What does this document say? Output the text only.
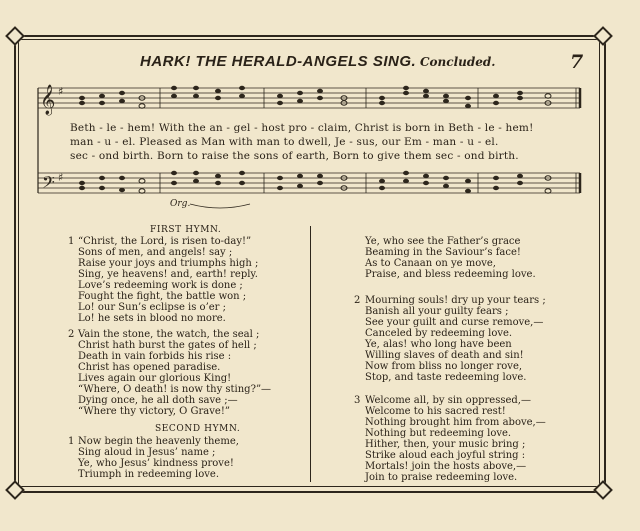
HARK! THE HERALD-ANGELS SING. Concluded.	7
𝄞
𝄢
♯
♯
Beth - le - hem! With the an - gel - host pro - claim, Christ is born in Beth - le - hem!
man - u - el. Pleased as Man with man to dwell, Je - sus, our Em - man - u - el.
sec - ond birth. Born to raise the sons of earth, Born to give them sec - ond birth.
Org.
FIRST HYMN.
1 “Christ, the Lord, is risen to-day!”
Sons of men, and angels! say ;
Raise your joys and triumphs high ;
Sing, ye heavens! and, earth! reply.
Love’s redeeming work is done ;
Fought the fight, the battle won ;
Lo! our Sun’s eclipse is o’er ;
Lo! he sets in blood no more.
2 Vain the stone, the watch, the seal ;
Christ hath burst the gates of hell ;
Death in vain forbids his rise :
Christ has opened paradise.
Lives again our glorious King!
“Where, O death! is now thy sting?”—
Dying once, he all doth save ;—
“Where thy victory, O Grave!”
SECOND HYMN.
1 Now begin the heavenly theme,
Sing aloud in Jesus’ name ;
Ye, who Jesus’ kindness prove!
Triumph in redeeming love.
Ye, who see the Father’s grace
Beaming in the Saviour’s face!
As to Canaan on ye move,
Praise, and bless redeeming love.
2 Mourning souls! dry up your tears ;
Banish all your guilty fears ;
See your guilt and curse remove,—
Canceled by redeeming love.
Ye, alas! who long have been
Willing slaves of death and sin!
Now from bliss no longer rove,
Stop, and taste redeeming love.
3
Welcome to his sacred rest!
Welcome all, by sin oppressed,—
Nothing brought him from above,—
Nothing but redeeming love.
Hither, then, your music bring ;
Strike aloud each joyful string :
Mortals! join the hosts above,—
Join to praise redeeming love.
